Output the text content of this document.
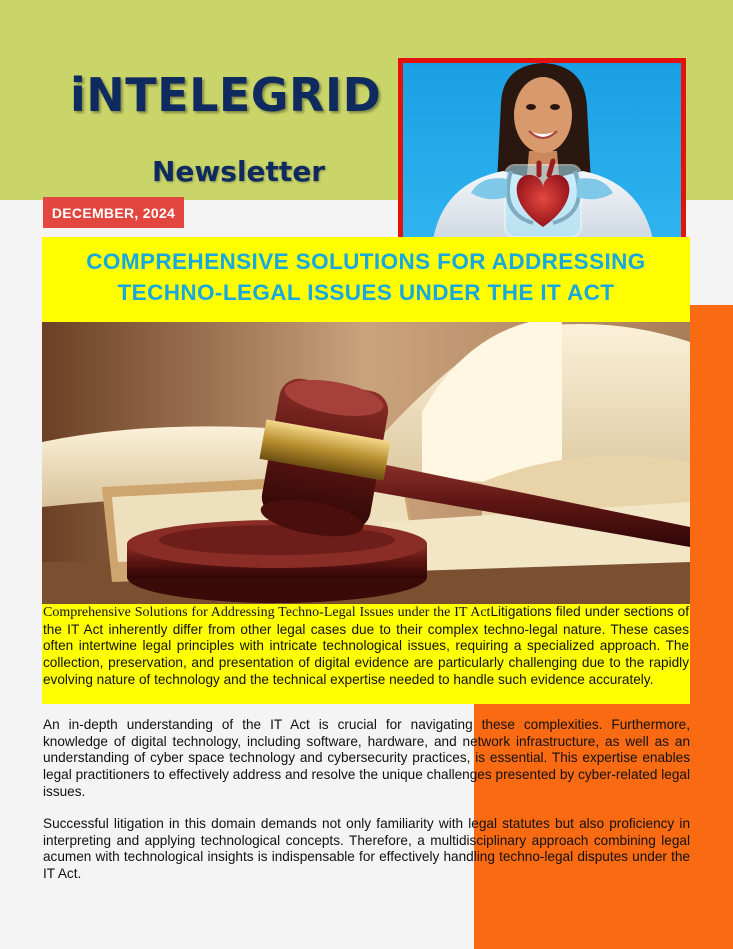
iNTELEGRID
Newsletter
DECEMBER, 2024
COMPREHENSIVE SOLUTIONS FOR ADDRESSING
TECHNO-LEGAL ISSUES UNDER THE IT ACT
Comprehensive Solutions for Addressing Techno-Legal Issues under the IT ActLitigations filed under sections of the IT Act inherently differ from other legal cases due to their complex techno-legal nature. These cases often intertwine legal principles with intricate technological issues, requiring a specialized approach. The collection, preservation, and presentation of digital evidence are particularly challenging due to the rapidly evolving nature of technology and the technical expertise needed to handle such evidence accurately.
An in-depth understanding of the IT Act is crucial for navigating these complexities. Furthermore, knowledge of digital technology, including software, hardware, and network infrastructure, as well as an understanding of cyber space technology and cybersecurity practices, is essential. This expertise enables legal practitioners to effectively address and resolve the unique challenges presented by cyber-related legal issues.
Successful litigation in this domain demands not only familiarity with legal statutes but also proficiency in interpreting and applying technological concepts. Therefore, a multidisciplinary approach combining legal acumen with technological insights is indispensable for effectively handling techno-legal disputes under the IT Act.
